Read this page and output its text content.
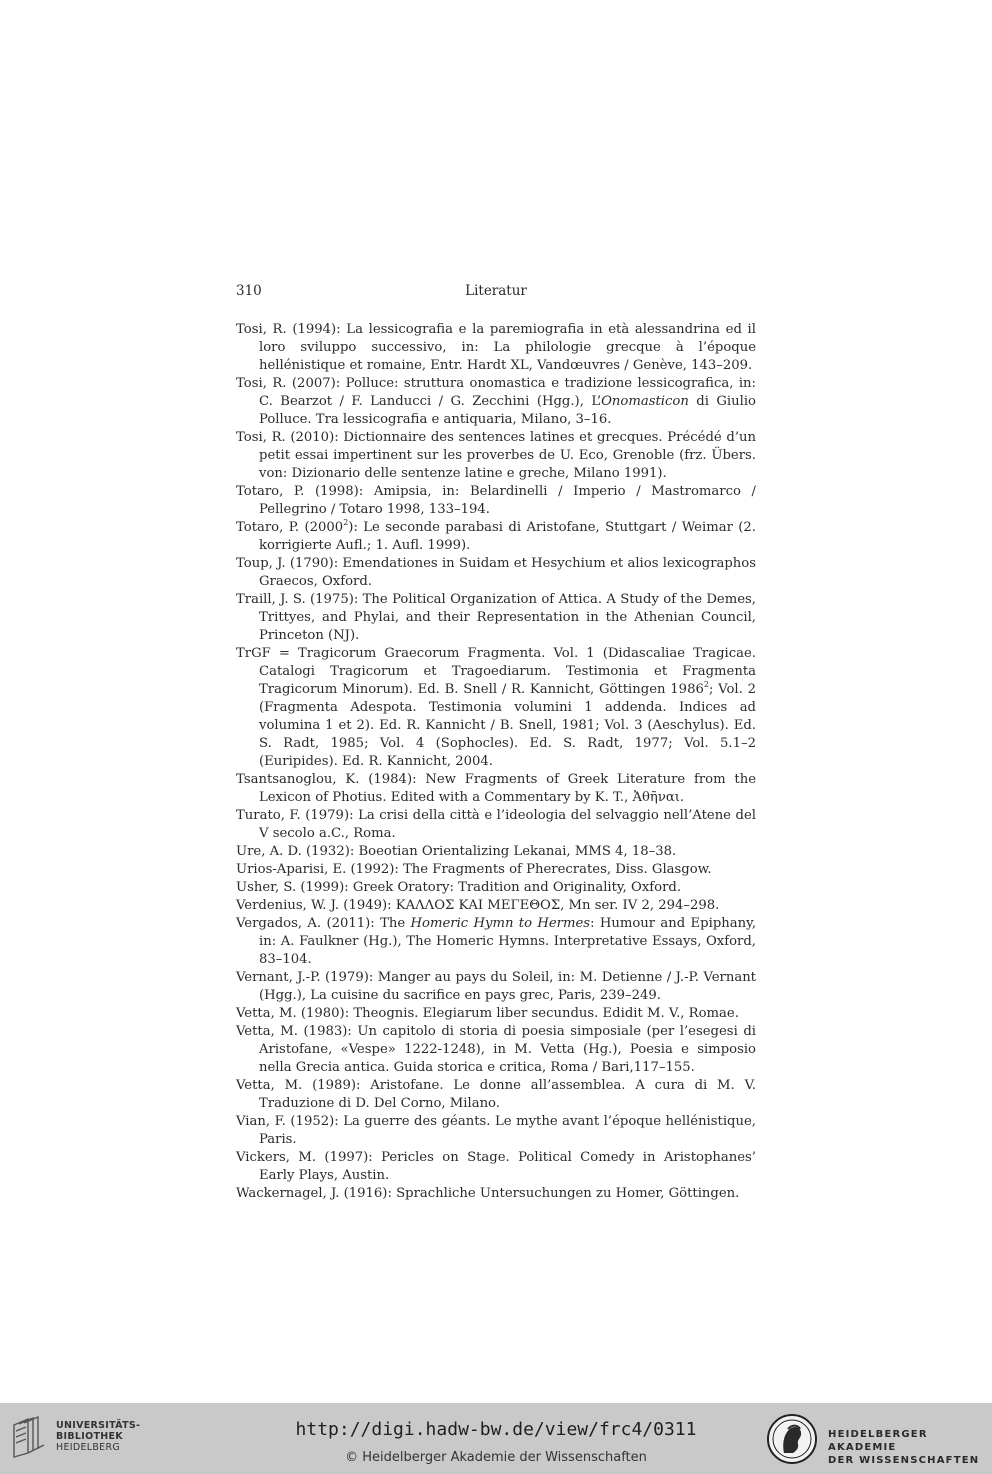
310	Literatur
Tosi, R. (1994): La lessicografia e la paremiografia in età alessandrina ed il loro sviluppo successivo, in: La philologie grecque à l’époque hellénistique et romaine, Entr. Hardt XL, Vandœuvres / Genève, 143–209.
Tosi, R. (2007): Polluce: struttura onomastica e tradizione lessicografica, in: C. Bearzot / F. Landucci / G. Zecchini (Hgg.), L’Onomasticon di Giulio Polluce. Tra lessicografia e antiquaria, Milano, 3–16.
Tosi, R. (2010): Dictionnaire des sentences latines et grecques. Précédé d’un petit essai impertinent sur les proverbes de U. Eco, Grenoble (frz. Übers. von: Dizionario delle sentenze latine e greche, Milano 1991).
Totaro, P. (1998): Amipsia, in: Belardinelli / Imperio / Mastromarco / Pellegrino / Totaro 1998, 133–194.
Totaro, P. (2000$^2$): Le seconde parabasi di Aristofane, Stuttgart / Weimar (2. korrigierte Aufl.; 1. Aufl. 1999).
Toup, J. (1790): Emendationes in Suidam et Hesychium et alios lexicographos Graecos, Oxford.
Traill, J. S. (1975): The Political Organization of Attica. A Study of the Demes, Trittyes, and Phylai, and their Representation in the Athenian Council, Princeton (NJ).
TrGF = Tragicorum Graecorum Fragmenta. Vol. 1 (Didascaliae Tragicae. Catalogi Tragicorum et Tragoediarum. Testimonia et Fragmenta Tragicorum Minorum). Ed. B. Snell / R. Kannicht, Göttingen 1986$^2$; Vol. 2 (Fragmenta Adespota. Testimonia volumini 1 addenda. Indices ad volumina 1 et 2). Ed. R. Kannicht / B. Snell, 1981; Vol. 3 (Aeschylus). Ed. S. Radt, 1985; Vol. 4 (Sophocles). Ed. S. Radt, 1977; Vol. 5.1–2 (Euripides). Ed. R. Kannicht, 2004.
Tsantsanoglou, K. (1984): New Fragments of Greek Literature from the Lexicon of Photius. Edited with a Commentary by K. T., Ἀθῆναι.
Turato, F. (1979): La crisi della città e l’ideologia del selvaggio nell’Atene del V secolo a.C., Roma.
Ure, A. D. (1932): Boeotian Orientalizing Lekanai, MMS 4, 18–38.
Urios-Aparisi, E. (1992): The Fragments of Pherecrates, Diss. Glasgow.
Usher, S. (1999): Greek Oratory: Tradition and Originality, Oxford.
Verdenius, W. J. (1949): ΚΑΛΛΟΣ ΚΑΙ ΜΕΓΕΘΟΣ, Mn ser. IV 2, 294–298.
Vergados, A. (2011): The Homeric Hymn to Hermes: Humour and Epiphany, in: A. Faulkner (Hg.), The Homeric Hymns. Interpretative Essays, Oxford, 83–104.
Vernant, J.-P. (1979): Manger au pays du Soleil, in: M. Detienne / J.-P. Vernant (Hgg.), La cuisine du sacrifice en pays grec, Paris, 239–249.
Vetta, M. (1980): Theognis. Elegiarum liber secundus. Edidit M. V., Romae.
Vetta, M. (1983): Un capitolo di storia di poesia simposiale (per l’esegesi di Aristofane, «Vespe» 1222-1248), in M. Vetta (Hg.), Poesia e simposio nella Grecia antica. Guida storica e critica, Roma / Bari,117–155.
Vetta, M. (1989): Aristofane. Le donne all’assemblea. A cura di M. V. Traduzione di D. Del Corno, Milano.
Vian, F. (1952): La guerre des géants. Le mythe avant l’époque hellénistique, Paris.
Vickers, M. (1997): Pericles on Stage. Political Comedy in Aristophanes’ Early Plays, Austin.
Wackernagel, J. (1916): Sprachliche Untersuchungen zu Homer, Göttingen.
UNIVERSITÄTS-
BIBLIOTHEK
HEIDELBERG
http://digi.hadw-bw.de/view/frc4/0311
© Heidelberger Akademie der Wissenschaften
HEIDELBERGER AKADEMIE
DER WISSENSCHAFTEN
